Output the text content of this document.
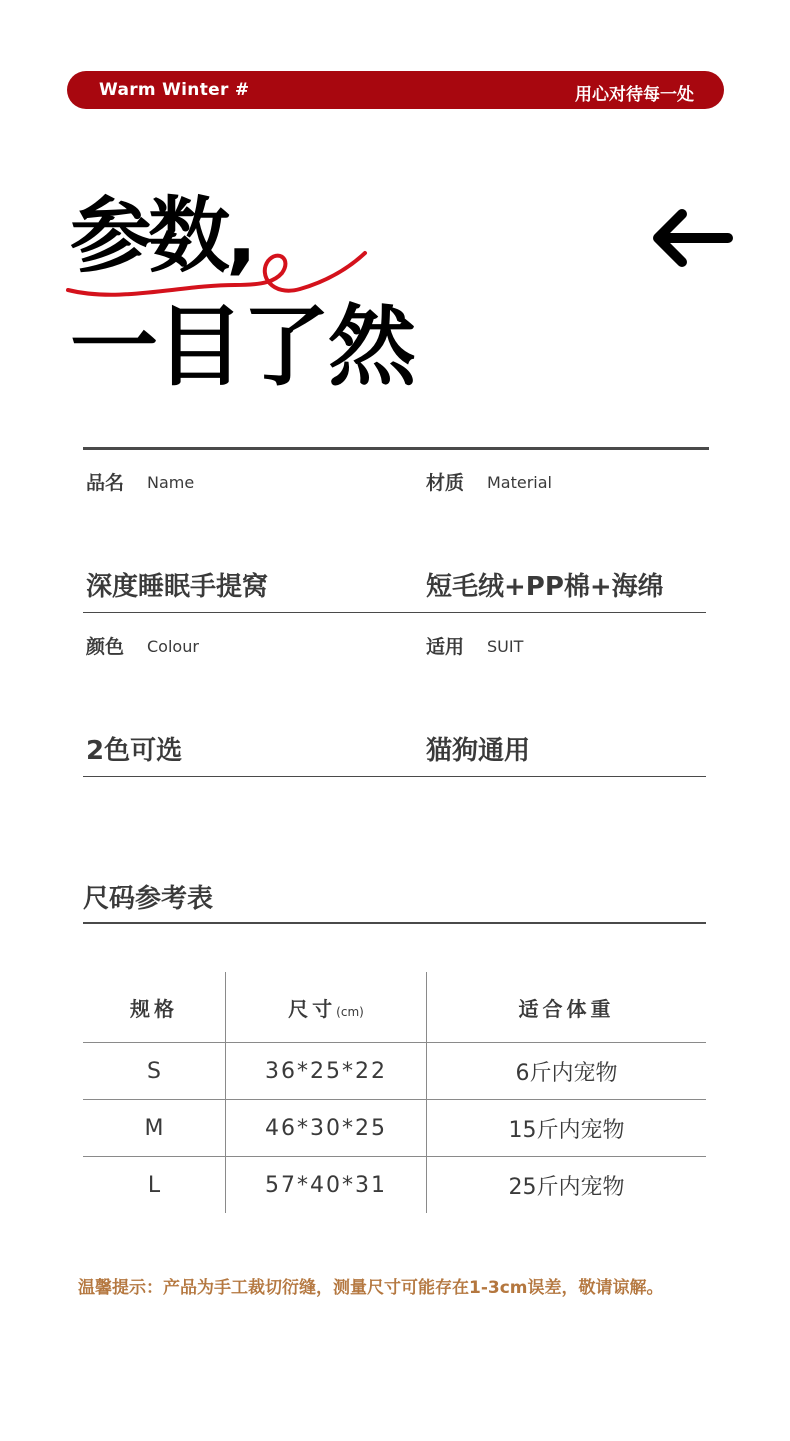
Warm Winter #	用心对待每一处
参数,
一目了然
品名 Name
深度睡眠手提窝
材质 Material
短毛绒+PP棉+海绵
颜色 Colour
2色可选
适用 SUIT
猫狗通用
尺码参考表
规格	尺寸(cm)	适合体重
S	36*25*22	6斤内宠物
M	46*30*25	15斤内宠物
L	57*40*31	25斤内宠物
温馨提示：产品为手工裁切衍缝，测量尺寸可能存在1-3cm误差，敬请谅解。
